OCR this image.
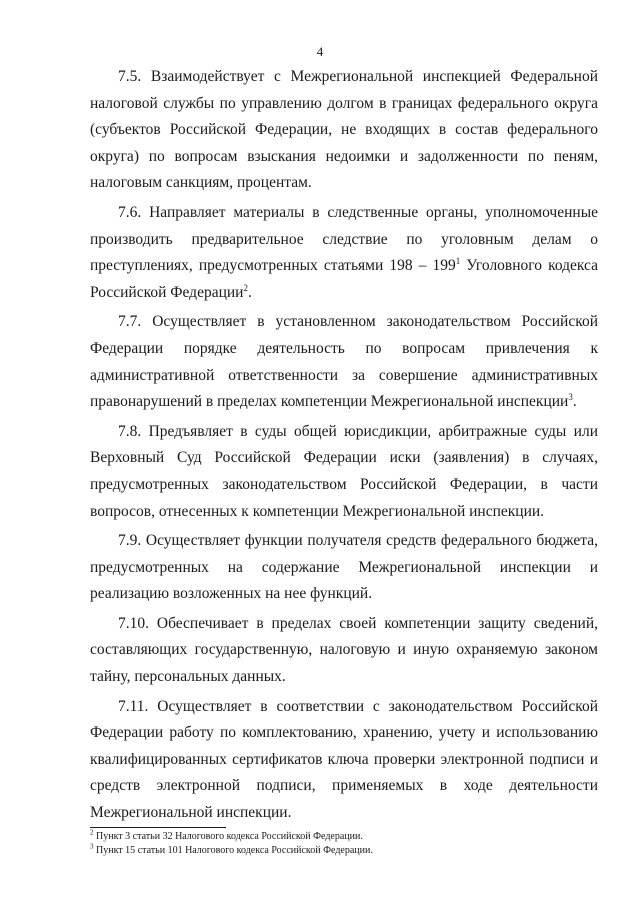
4

7.5. Взаимодействует с Межрегиональной инспекцией Федеральной налоговой службы по управлению долгом в границах федерального округа (субъектов Российской Федерации, не входящих в состав федерального округа) по вопросам взыскания недоимки и задолженности по пеням, налоговым санкциям, процентам.

7.6. Направляет материалы в следственные органы, уполномоченные производить предварительное следствие по уголовным делам о преступлениях, предусмотренных статьями $198 - 199^1$ Уголовного кодекса Российской Федерации$^2$.

7.7. Осуществляет в установленном законодательством Российской Федерации порядке деятельность по вопросам привлечения к административной ответственности за совершение административных правонарушений в пределах компетенции Межрегиональной инспекции$^3$.

7.8. Предъявляет в суды общей юрисдикции, арбитражные суды или Верховный Суд Российской Федерации иски (заявления) в случаях, предусмотренных законодательством Российской Федерации, в части вопросов, отнесенных к компетенции Межрегиональной инспекции.

7.9. Осуществляет функции получателя средств федерального бюджета, предусмотренных на содержание Межрегиональной инспекции и реализацию возложенных на нее функций.

7.10. Обеспечивает в пределах своей компетенции защиту сведений, составляющих государственную, налоговую и иную охраняемую законом тайну, персональных данных.

7.11. Осуществляет в соответствии с законодательством Российской Федерации работу по комплектованию, хранению, учету и использованию квалифицированных сертификатов ключа проверки электронной подписи и средств электронной подписи, применяемых в ходе деятельности Межрегиональной инспекции.

$^2$ Пункт 3 статьи 32 Налогового кодекса Российской Федерации.

$^3$ Пункт 15 статьи 101 Налогового кодекса Российской Федерации.
